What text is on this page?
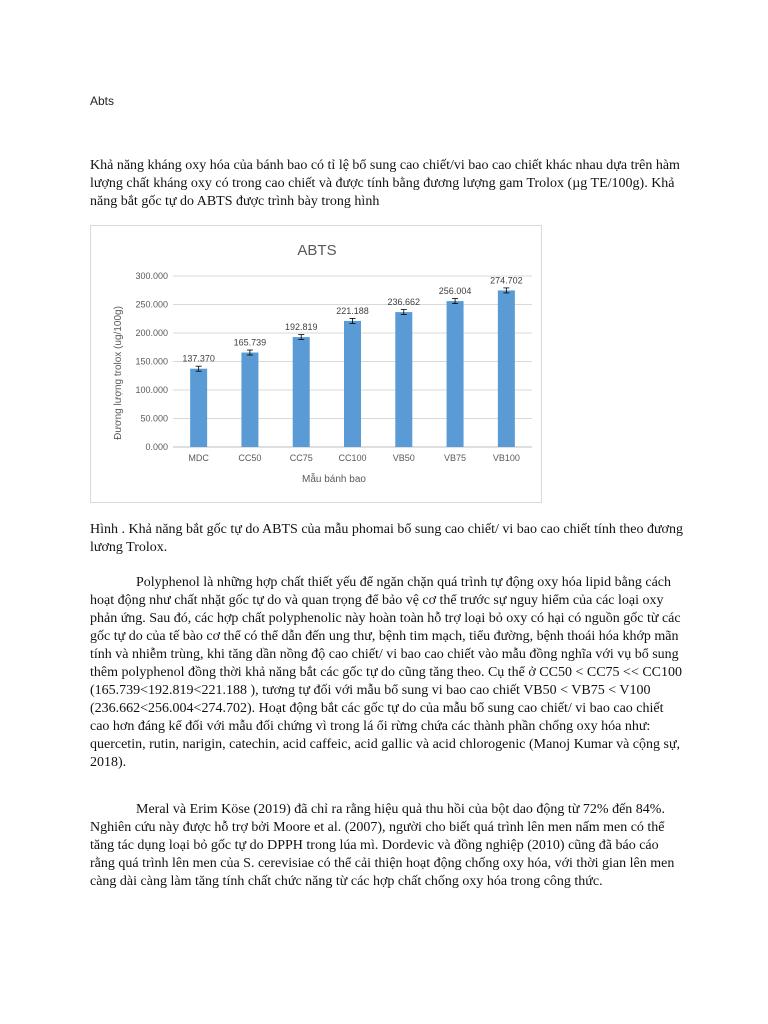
Abts

Khả năng kháng oxy hóa của bánh bao có tỉ lệ bổ sung cao chiết/vi bao cao chiết khác nhau dựa trên hàm lượng chất kháng oxy có trong cao chiết và được tính bằng đương lượng gam Trolox (µg TE/100g). Khả năng bắt gốc tự do ABTS được trình bày trong hình

ABTS
0.000
50.000
100.000
150.000
200.000
250.000
300.000
137.370
165.739
192.819
221.188
236.662
256.004
274.702
MDC	CC50	CC75	CC100	VB50	VB75	VB100
Mẫu bánh bao
Đương lượng trolox (ug/100g)

Hình . Khả năng bắt gốc tự do ABTS của mẫu phomai bổ sung cao chiết/ vi bao cao chiết tính theo đương lương Trolox.

Polyphenol là những hợp chất thiết yếu để ngăn chặn quá trình tự động oxy hóa lipid bằng cách hoạt động như chất nhặt gốc tự do và quan trọng để bảo vệ cơ thể trước sự nguy hiểm của các loại oxy phản ứng. Sau đó, các hợp chất polyphenolic này hoàn toàn hỗ trợ loại bỏ oxy có hại có nguồn gốc từ các gốc tự do của tế bào cơ thể có thể dẫn đến ung thư, bệnh tim mạch, tiểu đường, bệnh thoái hóa khớp mãn tính và nhiễm trùng, khi tăng dần nồng độ cao chiết/ vi bao cao chiết vào mẫu đồng nghĩa với vụ bổ sung thêm polyphenol đồng thời khả năng bắt các gốc tự do cũng tăng theo. Cụ thể ở CC50 < CC75 << CC100 (165.739<192.819<221.188 ), tương tự đối với mẫu bổ sung vi bao cao chiết VB50 < VB75 < V100 (236.662<256.004<274.702). Hoạt động bắt các gốc tự do của mẫu bổ sung cao chiết/ vi bao cao chiết cao hơn đáng kể đối với mẫu đối chứng vì trong lá ổi rừng chứa các thành phần chống oxy hóa như: quercetin, rutin, narigin, catechin, acid caffeic, acid gallic và acid chlorogenic (Manoj Kumar và cộng sự, 2018).

Meral và Erim Köse (2019) đã chỉ ra rằng hiệu quả thu hồi của bột dao động từ 72% đến 84%. Nghiên cứu này được hỗ trợ bởi Moore et al. (2007), người cho biết quá trình lên men nấm men có thể tăng tác dụng loại bỏ gốc tự do DPPH trong lúa mì. Dordevic và đồng nghiệp (2010) cũng đã báo cáo rằng quá trình lên men của S. cerevisiae có thể cải thiện hoạt động chống oxy hóa, với thời gian lên men càng dài càng làm tăng tính chất chức năng từ các hợp chất chống oxy hóa trong công thức.
